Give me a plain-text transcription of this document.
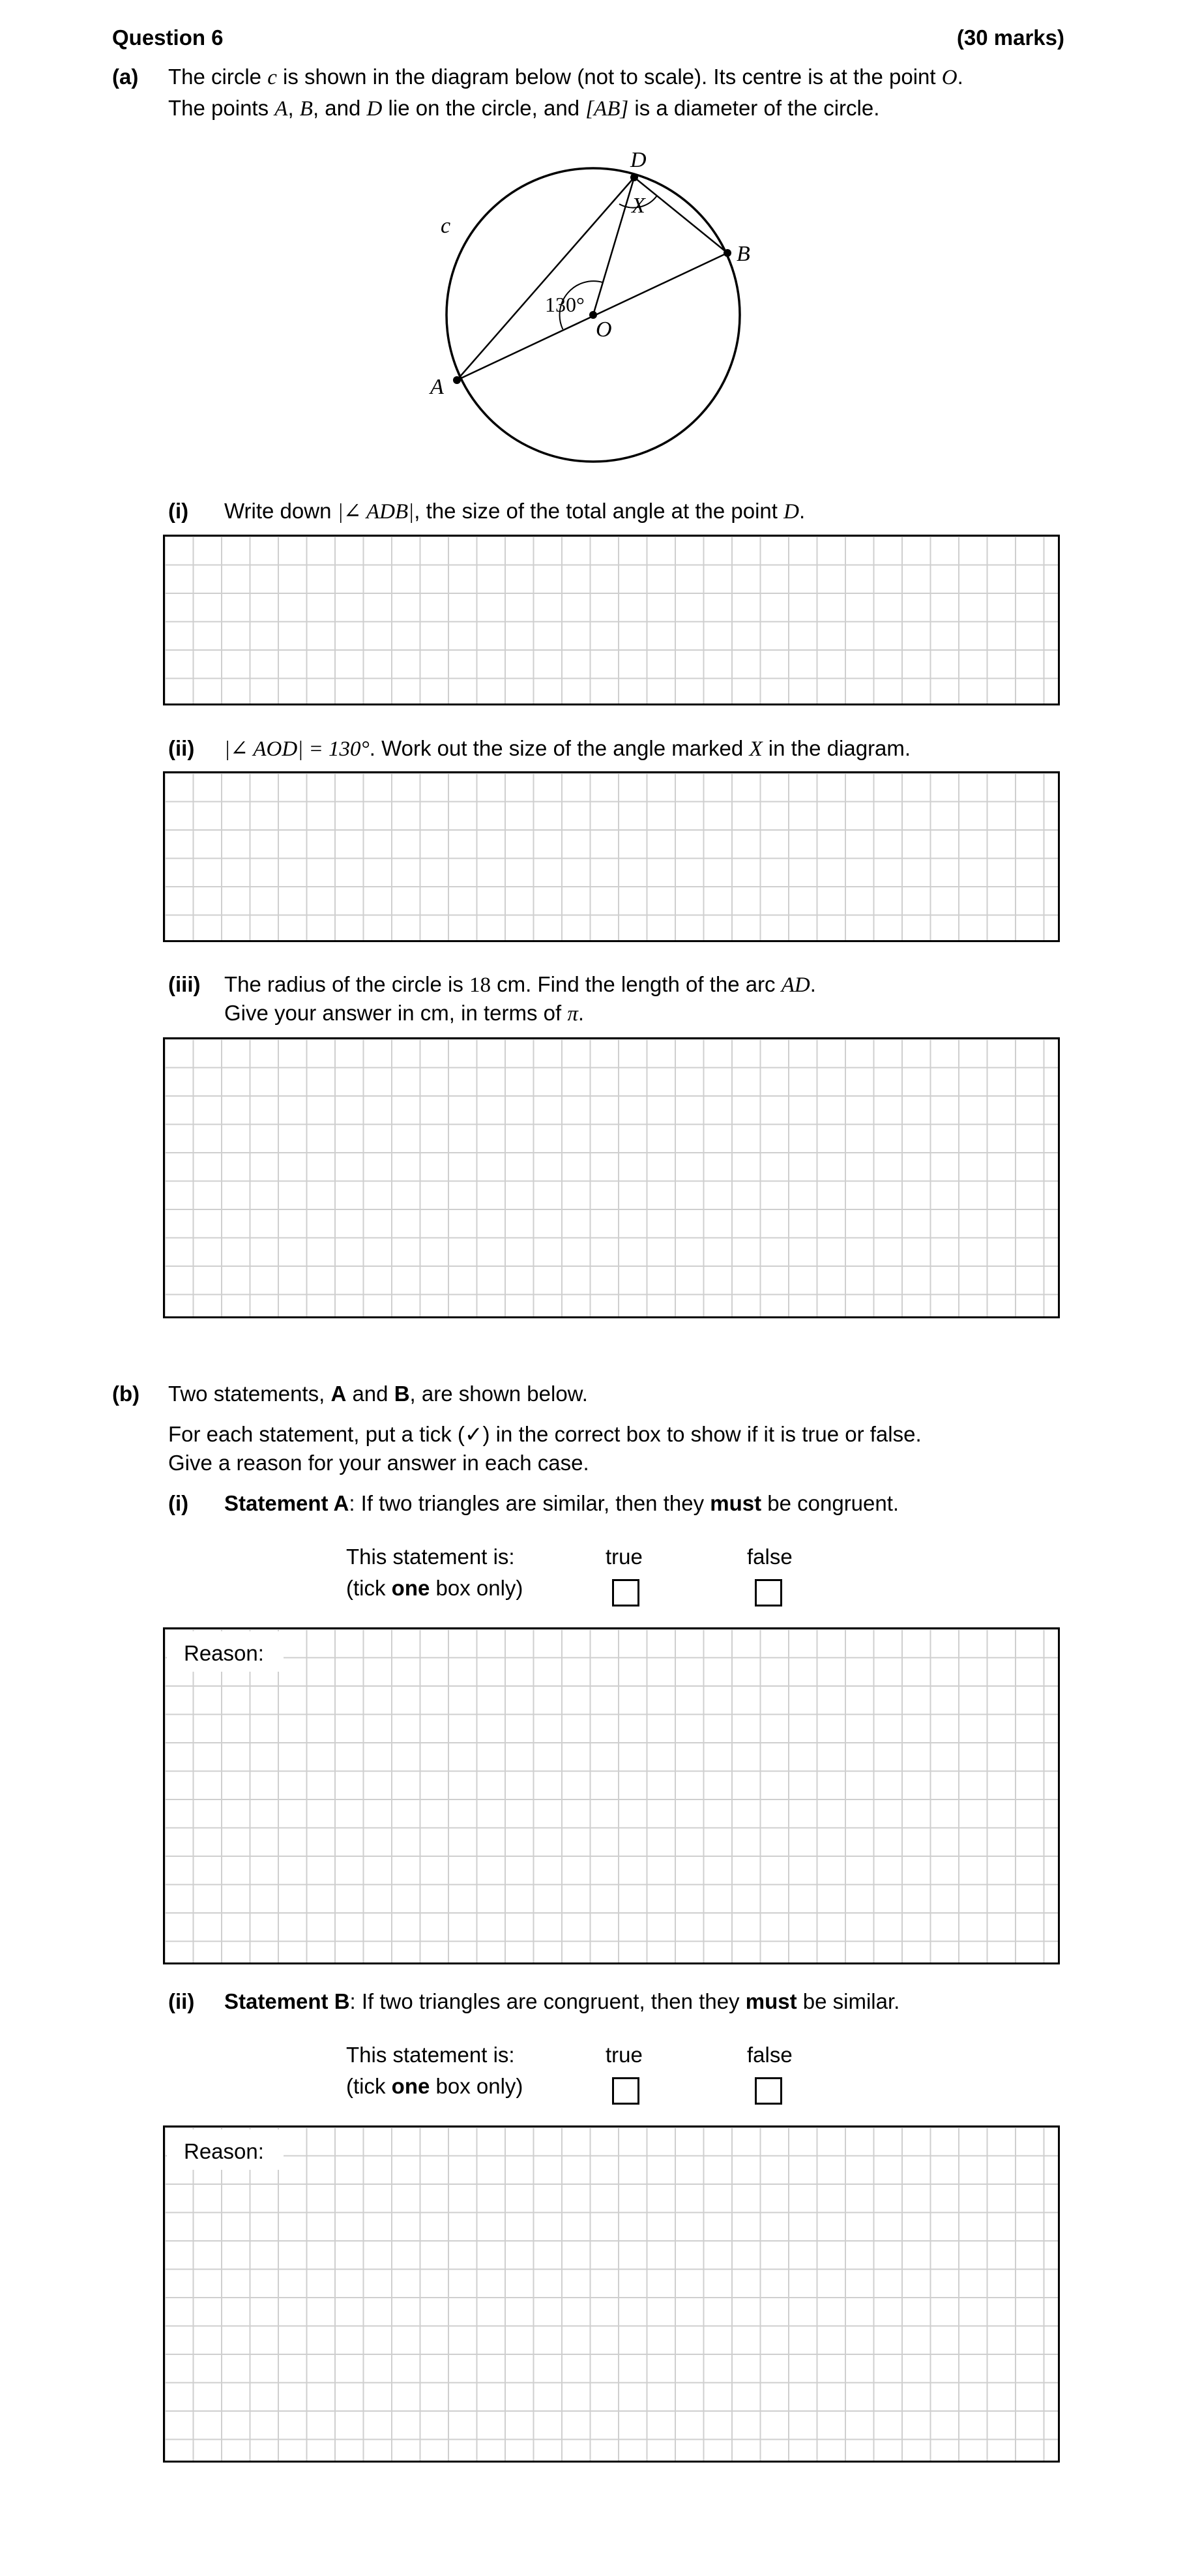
Question 6	(30 marks)
(a) The circle c is shown in the diagram below (not to scale). Its centre is at the point O.
The points A, B, and D lie on the circle, and [AB] is a diameter of the circle.
D
B
A
O
c
X
130°
(i) Write down |∠ ADB|, the size of the total angle at the point D.
(ii) |∠ AOD| = 130°. Work out the size of the angle marked X in the diagram.
(iii) The radius of the circle is 18 cm. Find the length of the arc AD.
Give your answer in cm, in terms of π.
(b) Two statements, A and B, are shown below.
For each statement, put a tick (✓) in the correct box to show if it is true or false.
Give a reason for your answer in each case.
(i) Statement A: If two triangles are similar, then they must be congruent.
This statement is:
(tick one box only)
true	false
Reason:
(ii) Statement B: If two triangles are congruent, then they must be similar.
This statement is:
(tick one box only)
true	false
Reason:
